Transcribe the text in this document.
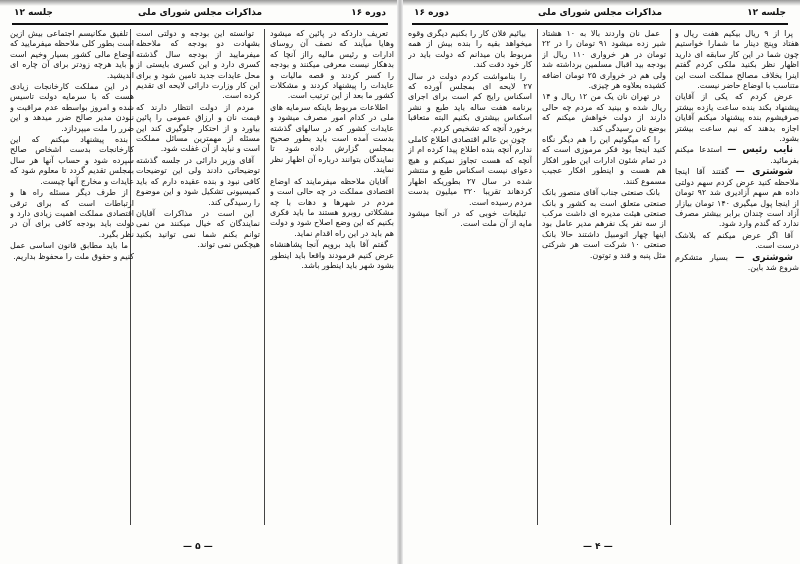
دوره ۱۶
مذاکرات مجلس شورای ملی
جلسه ۱۲

تعریف داردکه در پائین که میشود وهایا میآیند که نصف آن روسای ادارات و رئیس مالیه رااز آنچا که بدهکار نیست معرفی میکنند و بودجه را کسر کردند و قصه مالیات و عایدات را پیشنهاد کردند و مشکلات کشور ما بعد از این ترتیب است.

اطلاعات مربوط باینکه سرمایه های ملی در کدام امور مصرف میشود و عایدات کشور که در سالهای گذشته بدست آمده است باید بطور صحیح بمجلس گزارش داده شود تا نمایندگان بتوانند درباره آن اظهار نظر نمایند.

آقایان ملاحظه میفرمایند که اوضاع اقتصادی مملکت در چه حالی است و مردم در شهرها و دهات با چه مشکلاتی روبرو هستند ما باید فکری بکنیم که این وضع اصلاح شود و دولت هم باید در این راه اقدام نماید.

گفتم آقا باید برویم آنجا پشاهنشاه عرض کنیم فرمودند واقعا باید اینطور بشود شهر باید اینطور باشد.

توانسته این بودجه و دولتی است بشهادت دو بودجه که ملاحظه میفرمایید از بودجه سال گذشته کسری دارد و این کسری بایستی از محل عایدات جدید تامین شود و برای این کار وزارت دارائی لایحه ای تقدیم کرده است.

مردم از دولت انتظار دارند که قیمت نان و ارزاق عمومی را پائین بیاورد و از احتکار جلوگیری کند این مسئله از مهمترین مسائل مملکت است و نباید از آن غفلت شود.

آقای وزیر دارائی در جلسه گذشته توضیحاتی دادند ولی این توضیحات کافی نبود و بنده عقیده دارم که باید کمیسیونی تشکیل شود و این موضوع را رسیدگی کند.

این است در مذاکرات آقایان نمایندگان که خیال میکنند من نمی توانم بکنم شما نمی توانید بکنید هیچکس نمی تواند.

تلفیق مکانیسم اجتماعی بیش ازین است بطور کلی ملاحظه میفرمایید که اوضاع مالی کشور بسیار وخیم است و باید هرچه زودتر برای آن چاره ای اندیشید.

در این مملکت کارخانجات زیادی هست که با سرمایه دولت تاسیس شده و امروز بواسطه عدم مراقبت و نبودن مدیر صالح ضرر میدهد و این ضرر را ملت میپردازد.

بنده پیشنهاد میکنم که این کارخانجات بدست اشخاص صالح سپرده شود و حساب آنها هر سال بمجلس تقدیم گردد تا معلوم شود که عایدات و مخارج آنها چیست.

از طرف دیگر مسئله راه ها و ارتباطات است که برای ترقی اقتصادی مملکت اهمیت زیادی دارد و دولت باید بودجه کافی برای آن در نظر بگیرد.

ما باید مطابق قانون اساسی عمل کنیم و حقوق ملت را محفوظ بداریم.

— ۵ —
جلسه ۱۲
مذاکرات مجلس شورای ملی
دوره ۱۶

بیائیم فلان کار را بکنیم دیگری وقوه میخواهد بقیه را بنده بیش از همه مربوط بان میدانم که دولت باید در کار خود دقت کند.

را بنامواشت کردم دولت در سال ۲۷ لایحه ای بمجلس آورده که اسکناس رایج کم است برای اجرای برنامه هفت ساله باید طبع و نشر اسکناس بیشتری بکنیم البته متعاقبا برخورد آنچه که تشخیص کردم.

چون بن عالم اقتصادی اطلاع کاملی ندارم آنچه بنده اطلاع پیدا کرده ام از آنچه که هست تجاوز نمیکنم و هیچ دعوای نیست اسکناس طبع و منتشر شده در سال ۲۷ بطوریکه اظهار کردهاند تقریبا ۳۲۰ میلیون بدست مردم رسیده است.

تبلیغات خوبی که در آنجا میشود مایه از آن ملت است.

عمل نان واردند بالا به ۱۰ هشتاد شیر زده میشود ۹۱ تومان را در ۲۲ تومان در هر خرواری ۱۱۰ ریال از بودجه بید اقبال مسلمین برداشته شد ولی هم در خرواری ۲۵ تومان اضافه کشیده بعلاوه هر چیزی.

در تهران نان یک من ۱۲ ریال و ۱۴ ریال شده و بینید که مردم چه حالی دارند از دولت خواهش میکنم که بوضع نان رسیدگی کند.

را که میگوئیم این را هم دیگر نگاه کنید اینجا بود فکر مرموزی است که در تمام شئون ادارات این طور افکار هم هست و اینطور افکار عجیب مسموع کنند.

بانک صنعتی جناب آقای منصور بانک صنعتی متعلق است به کشور و بانک صنعتی هیئت مدیره ای داشت مرکب از سه نفر یک نفرهم مدیر عامل بود اینها چهار اتومبیل داشتند حالا بانک صنعتی ۱۰ شرکت است هر شرکتی مثل پنبه و قند و توتون.

پرا از ۹ ریال بیکیم هفت ریال و هفتاد وپنج دینار ما شمارا خواستیم چون شما در این کار سابقه ای دارید اظهار نظر بکنید ملکی کردم گفتم اینرا بخلاف مصالح مملکت است این متناسب با اوضاع حاضر نیست.

عرض کردم که یکی از آقایان پیشنهاد بکند بنده ساعت یازده بیشتر صرفیشوم بنده پیشنهاد میکنم آقایان اجازه بدهند که نیم ساعت بیشتر بشود.

نایب رئیس — استدعا میکنم بفرمائید.

شوشتری — گفتند آقا اینجا ملاحظه کنید عرض کردم سهم دولتی داده هم سهم آزادیری شد ۹۲ تومان از اینجا پول میگیری ۱۴۰ تومان بیازار آزاد است چندان برابر بیشتر مصرف ندارد که گندم وارد شود.

آقا اگر عرض میکنم که بلاشک درست است.

شوشتری — بسیار متشکرم شروع شد باین.

— ۴ —
